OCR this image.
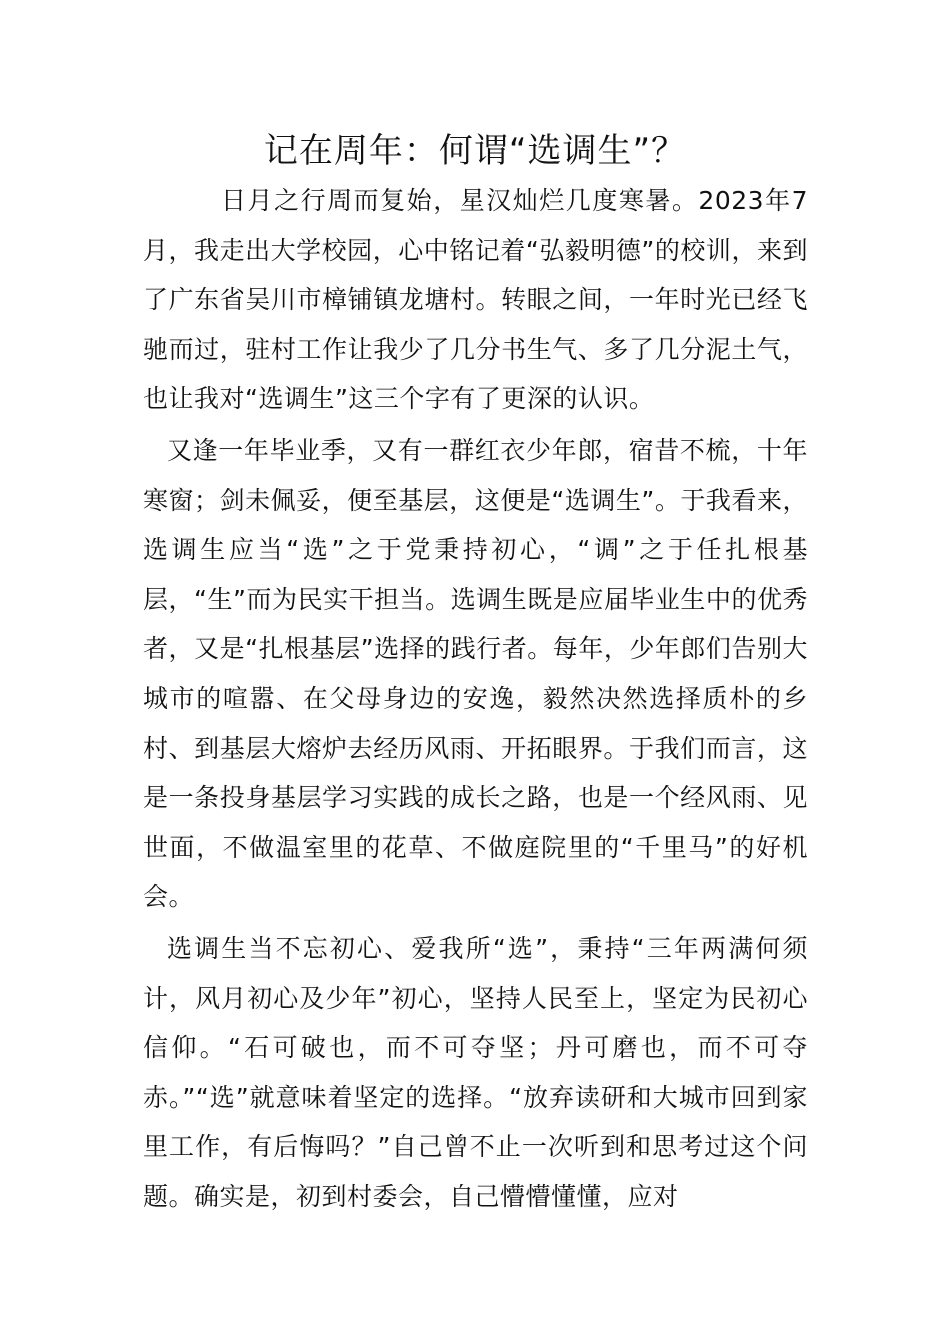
记在周年：何谓“选调生”？

日月之行周而复始，星汉灿烂几度寒暑。2023年7月，我走出大学校园，心中铭记着“弘毅明德”的校训，来到了广东省吴川市樟铺镇龙塘村。转眼之间，一年时光已经飞驰而过，驻村工作让我少了几分书生气、多了几分泥土气，也让我对“选调生”这三个字有了更深的认识。

又逢一年毕业季，又有一群红衣少年郎，宿昔不梳，十年寒窗；剑未佩妥，便至基层，这便是“选调生”。于我看来，选调生应当“选”之于党秉持初心，“调”之于任扎根基层，“生”而为民实干担当。选调生既是应届毕业生中的优秀者，又是“扎根基层”选择的践行者。每年，少年郎们告别大城市的喧嚣、在父母身边的安逸，毅然决然选择质朴的乡村、到基层大熔炉去经历风雨、开拓眼界。于我们而言，这是一条投身基层学习实践的成长之路，也是一个经风雨、见世面，不做温室里的花草、不做庭院里的“千里马”的好机会。

选调生当不忘初心、爱我所“选”，秉持“三年两满何须计，风月初心及少年”初心，坚持人民至上，坚定为民初心信仰。“石可破也，而不可夺坚；丹可磨也，而不可夺赤。”“选”就意味着坚定的选择。“放弃读研和大城市回到家里工作，有后悔吗？”自己曾不止一次听到和思考过这个问题。确实是，初到村委会，自己懵懵懂懂，应对
